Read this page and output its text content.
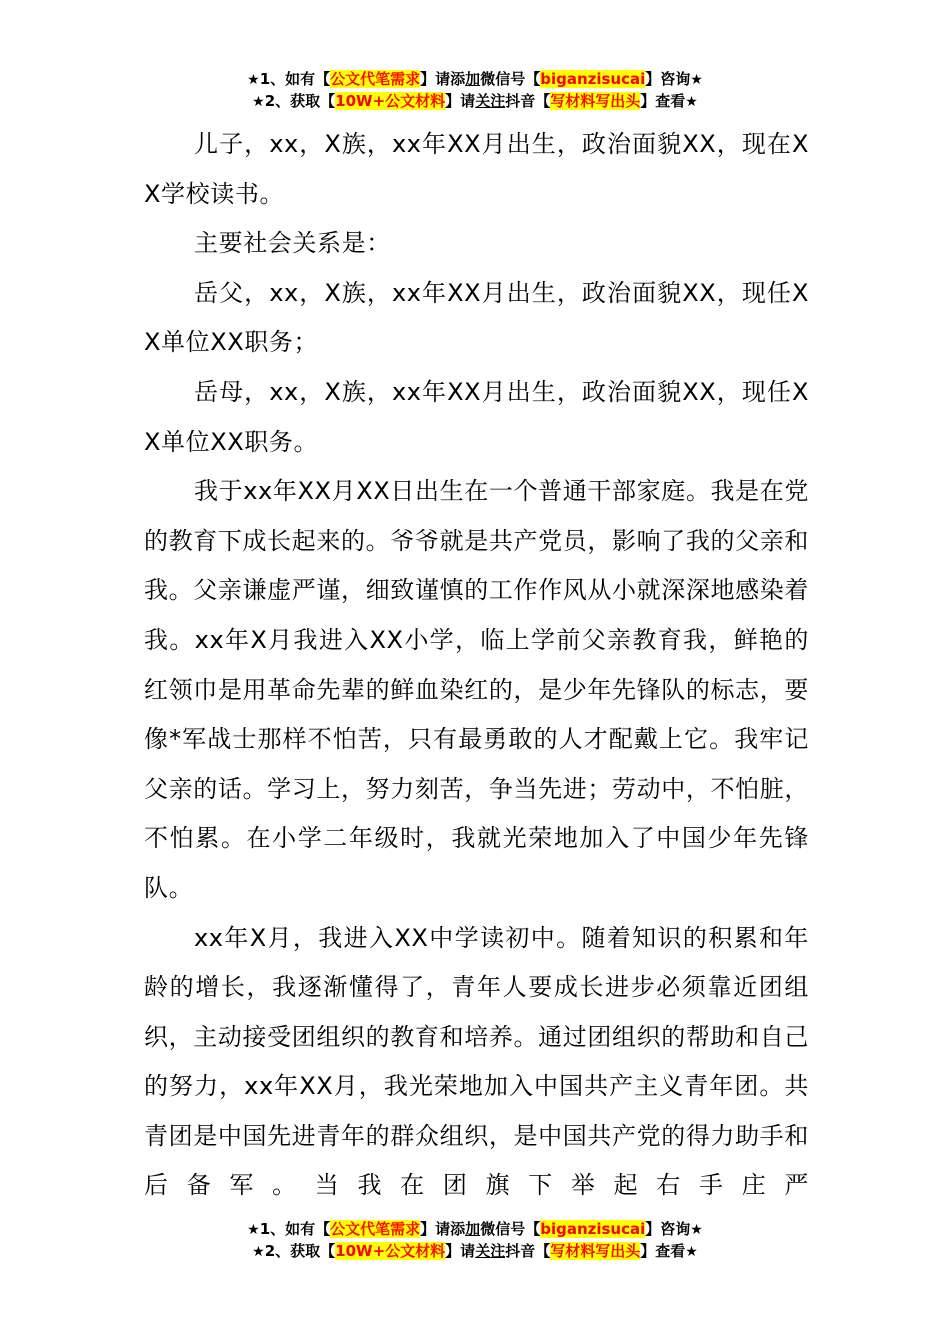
★1、如有【公文代笔需求】请添加微信号【biganzisucai】咨询★
★2、获取【10W+公文材料】请关注抖音【写材料写出头】查看★

儿子，xx，X族，xx年XX月出生，政治面貌XX，现在XX学校读书。

主要社会关系是：

岳父，xx，X族，xx年XX月出生，政治面貌XX，现任XX单位XX职务；

岳母，xx，X族，xx年XX月出生，政治面貌XX，现任XX单位XX职务。

我于xx年XX月XX日出生在一个普通干部家庭。我是在党的教育下成长起来的。爷爷就是共产党员，影响了我的父亲和我。父亲谦虚严谨，细致谨慎的工作作风从小就深深地感染着我。xx年X月我进入XX小学，临上学前父亲教育我，鲜艳的红领巾是用革命先辈的鲜血染红的，是少年先锋队的标志，要像*军战士那样不怕苦，只有最勇敢的人才配戴上它。我牢记父亲的话。学习上，努力刻苦，争当先进；劳动中，不怕脏，不怕累。在小学二年级时，我就光荣地加入了中国少年先锋队。

xx年X月，我进入XX中学读初中。随着知识的积累和年龄的增长，我逐渐懂得了，青年人要成长进步必须靠近团组织，主动接受团组织的教育和培养。通过团组织的帮助和自己的努力，xx年XX月，我光荣地加入中国共产主义青年团。共青团是中国先进青年的群众组织，是中国共产党的得力助手和后备军。当我在团旗下举起右手庄严

★1、如有【公文代笔需求】请添加微信号【biganzisucai】咨询★
★2、获取【10W+公文材料】请关注抖音【写材料写出头】查看★
